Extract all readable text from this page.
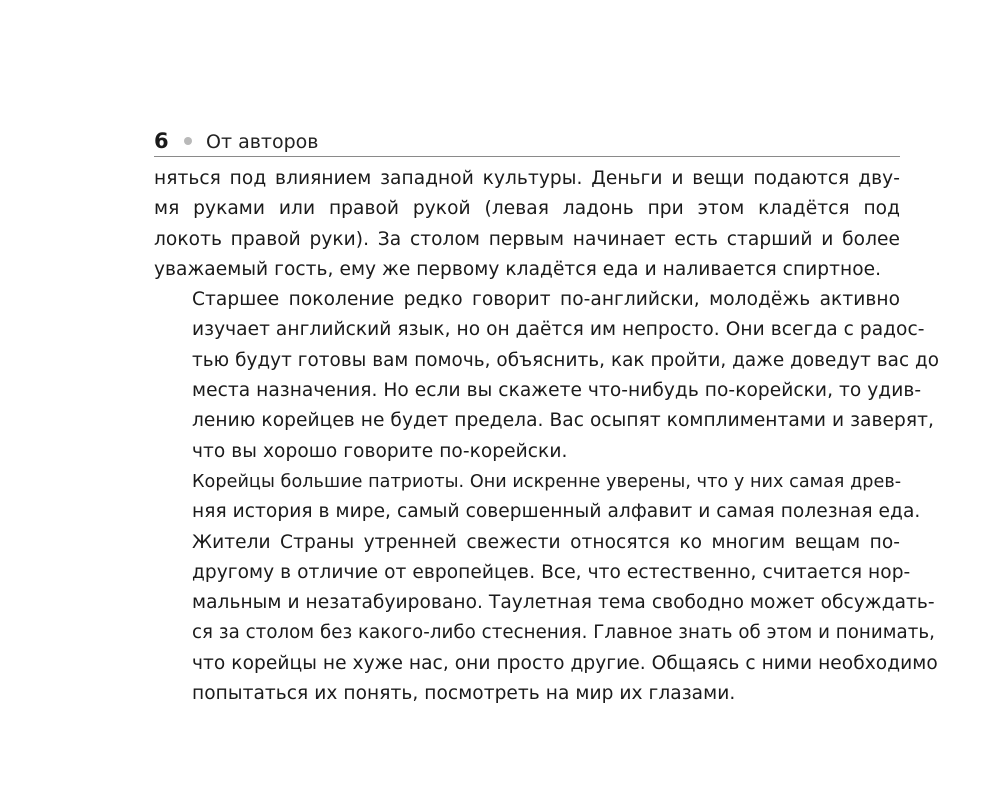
6	От авторов

няться под влиянием западной культуры. Деньги и вещи подаются дву-
мя руками или правой рукой (левая ладонь при этом кладётся под
локоть правой руки). За столом первым начинает есть старший и более
уважаемый гость, ему же первому кладётся еда и наливается спиртное.

Старшее поколение редко говорит по-английски, молодёжь активно
изучает английский язык, но он даётся им непросто. Они всегда с радос-
тью будут готовы вам помочь, объяснить, как пройти, даже доведут вас до
места назначения. Но если вы скажете что-нибудь по-корейски, то удив-
лению корейцев не будет предела. Вас осыпят комплиментами и заверят,
что вы хорошо говорите по-корейски.

Корейцы большие патриоты. Они искренне уверены, что у них самая древ-
няя история в мире, самый совершенный алфавит и самая полезная еда.

Жители Страны утренней свежести относятся ко многим вещам по-
другому в отличие от европейцев. Все, что естественно, считается нор-
мальным и незатабуировано. Таулетная тема свободно может обсуждать-
ся за столом без какого-либо стеснения. Главное знать об этом и понимать,
что корейцы не хуже нас, они просто другие. Общаясь с ними необходимо
попытаться их понять, посмотреть на мир их глазами.
